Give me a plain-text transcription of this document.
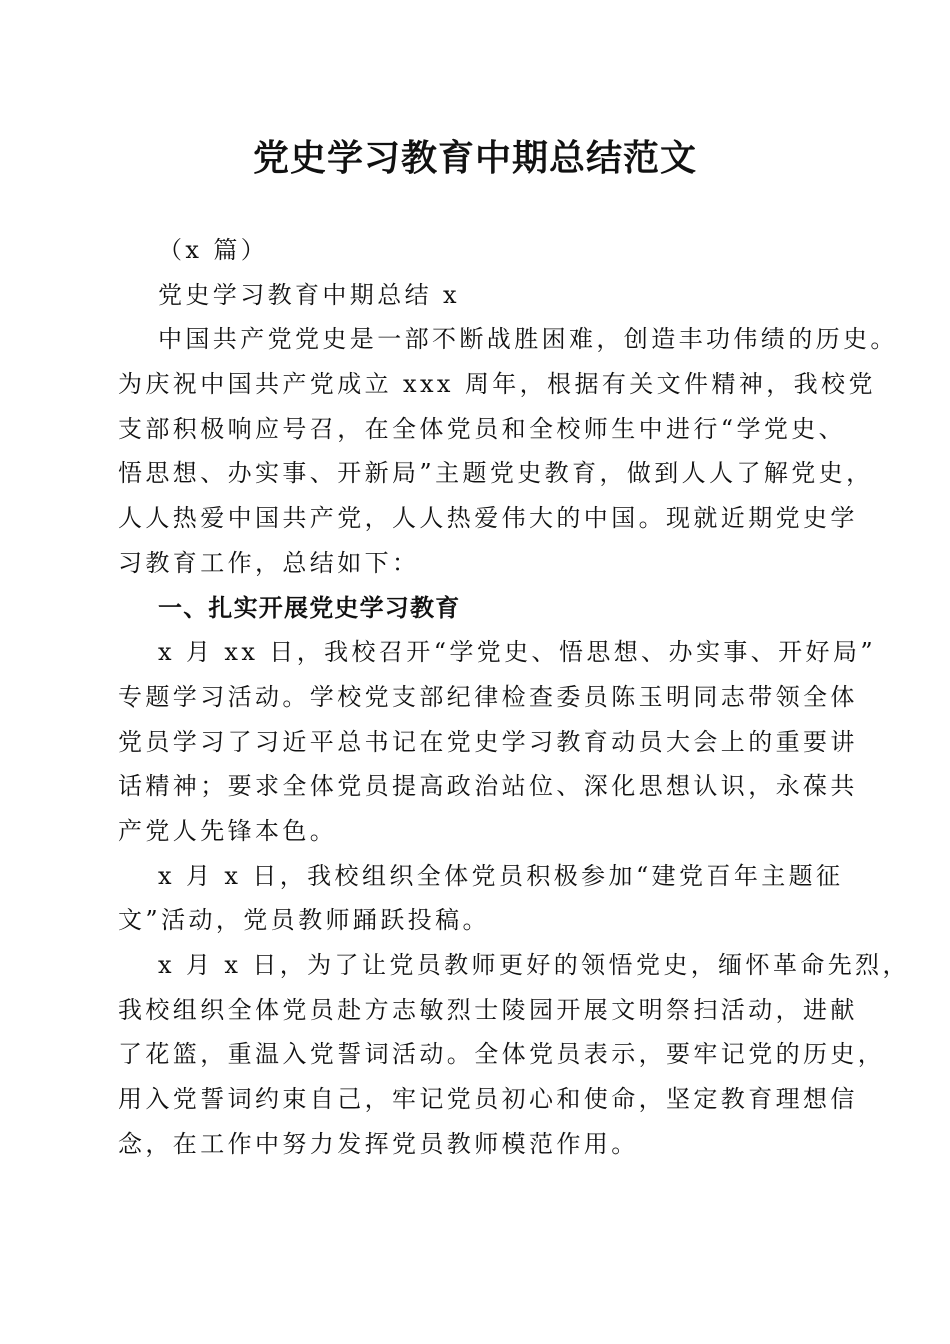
党史学习教育中期总结范文
（x 篇）
党史学习教育中期总结 x
中国共产党党史是一部不断战胜困难，创造丰功伟绩的历史。
为庆祝中国共产党成立 xxx 周年，根据有关文件精神，我校党
支部积极响应号召，在全体党员和全校师生中进行“学党史、
悟思想、办实事、开新局”主题党史教育，做到人人了解党史，
人人热爱中国共产党，人人热爱伟大的中国。现就近期党史学
习教育工作，总结如下：
一、扎实开展党史学习教育
x 月 xx 日，我校召开“学党史、悟思想、办实事、开好局”
专题学习活动。学校党支部纪律检查委员陈玉明同志带领全体
党员学习了习近平总书记在党史学习教育动员大会上的重要讲
话精神；要求全体党员提高政治站位、深化思想认识，永葆共
产党人先锋本色。
x 月 x 日，我校组织全体党员积极参加“建党百年主题征
文”活动，党员教师踊跃投稿。
x 月 x 日，为了让党员教师更好的领悟党史，缅怀革命先烈，
我校组织全体党员赴方志敏烈士陵园开展文明祭扫活动，进献
了花篮，重温入党誓词活动。全体党员表示，要牢记党的历史，
用入党誓词约束自己，牢记党员初心和使命，坚定教育理想信
念，在工作中努力发挥党员教师模范作用。
